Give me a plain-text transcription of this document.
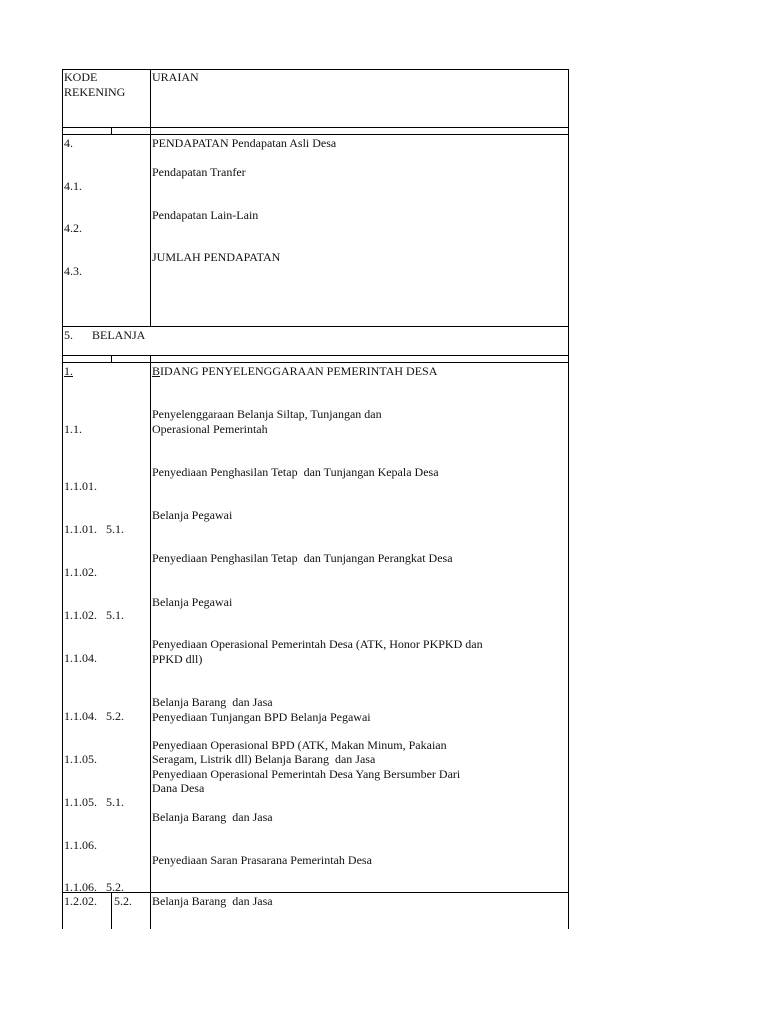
KODE
REKENING
URAIAN
4.
4.1.
4.2.
4.3.
PENDAPATAN Pendapatan Asli Desa
Pendapatan Tranfer
Pendapatan Lain-Lain
JUMLAH PENDAPATAN
5. BELANJA
1.
1.1.
1.1.01.
1.1.01.   5.1.
1.1.02.
1.1.02.   5.1.
1.1.04.
1.1.04.   5.2.
1.1.05.
1.1.05.   5.1.
1.1.06.
1.1.06.   5.2.
BIDANG PENYELENGGARAAN PEMERINTAH DESA
Penyelenggaraan Belanja Siltap, Tunjangan dan
Operasional Pemerintah
Penyediaan Penghasilan Tetap  dan Tunjangan Kepala Desa
Belanja Pegawai
Penyediaan Penghasilan Tetap  dan Tunjangan Perangkat Desa
Belanja Pegawai
Penyediaan Operasional Pemerintah Desa (ATK, Honor PKPKD dan
PPKD dll)
Belanja Barang  dan Jasa
Penyediaan Tunjangan BPD Belanja Pegawai
Penyediaan Operasional BPD (ATK, Makan Minum, Pakaian
Seragam, Listrik dll) Belanja Barang  dan Jasa
Penyediaan Operasional Pemerintah Desa Yang Bersumber Dari
Dana Desa
Belanja Barang  dan Jasa
Penyediaan Saran Prasarana Pemerintah Desa
1.2.02. 5.2. Belanja Barang  dan Jasa
